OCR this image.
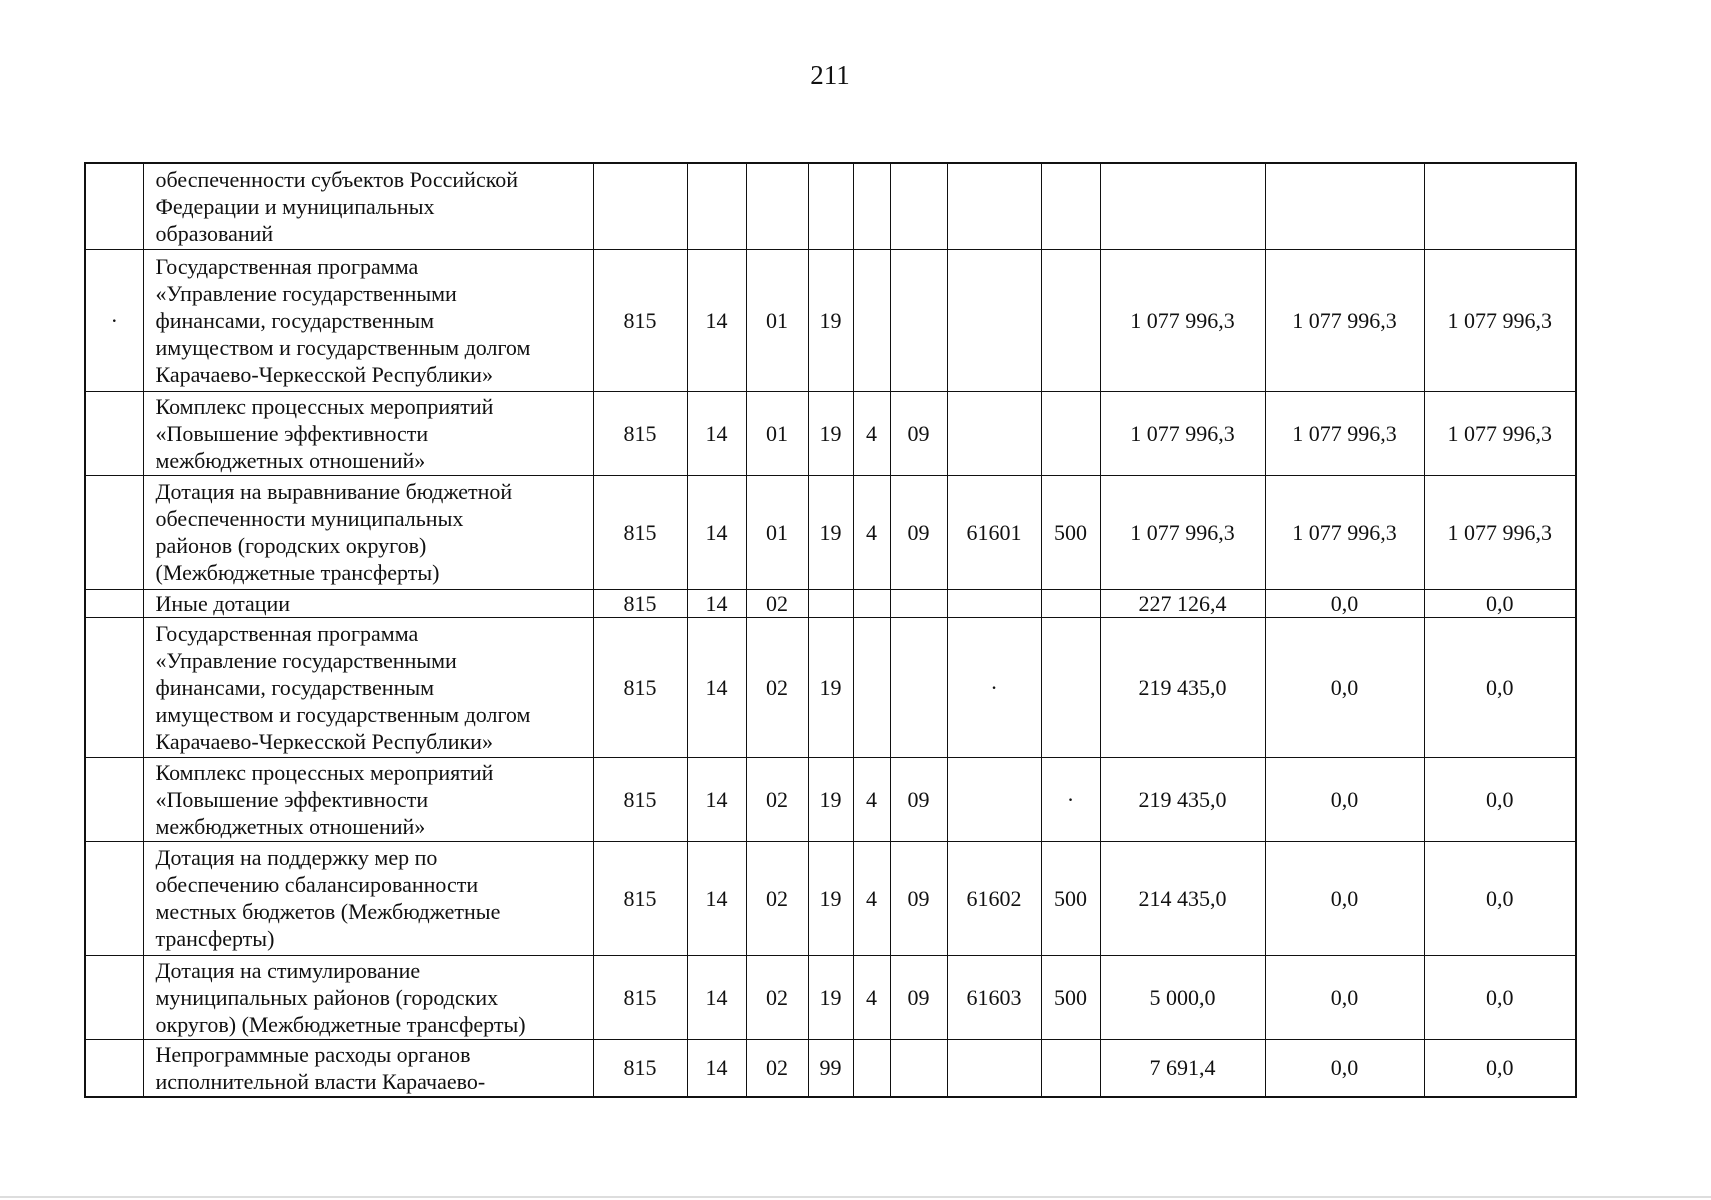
211

	обеспеченности субъектов Российской
Федерации и муниципальных
образований											

·	Государственная программа
«Управление государственными
финансами, государственным
имуществом и государственным долгом
Карачаево-Черкесской Республики»	815	14	01	19					1 077 996,3	1 077 996,3	1 077 996,3

	Комплекс процессных мероприятий
«Повышение эффективности
межбюджетных отношений»	815	14	01	19	4	09			1 077 996,3	1 077 996,3	1 077 996,3

	Дотация на выравнивание бюджетной
обеспеченности муниципальных
районов (городских округов)
(Межбюджетные трансферты)	815	14	01	19	4	09	61601	500	1 077 996,3	1 077 996,3	1 077 996,3

	Иные дотации	815	14	02						227 126,4	0,0	0,0

	Государственная программа
«Управление государственными
финансами, государственным
имуществом и государственным долгом
Карачаево-Черкесской Республики»	815	14	02	19			·		219 435,0	0,0	0,0

	Комплекс процессных мероприятий
«Повышение эффективности
межбюджетных отношений»	815	14	02	19	4	09		·	219 435,0	0,0	0,0

	Дотация на поддержку мер по
обеспечению сбалансированности
местных бюджетов (Межбюджетные
трансферты)	815	14	02	19	4	09	61602	500	214 435,0	0,0	0,0

	Дотация на стимулирование
муниципальных районов (городских
округов) (Межбюджетные трансферты)	815	14	02	19	4	09	61603	500	5 000,0	0,0	0,0

	Непрограммные расходы органов
исполнительной власти Карачаево-	815	14	02	99					7 691,4	0,0	0,0
